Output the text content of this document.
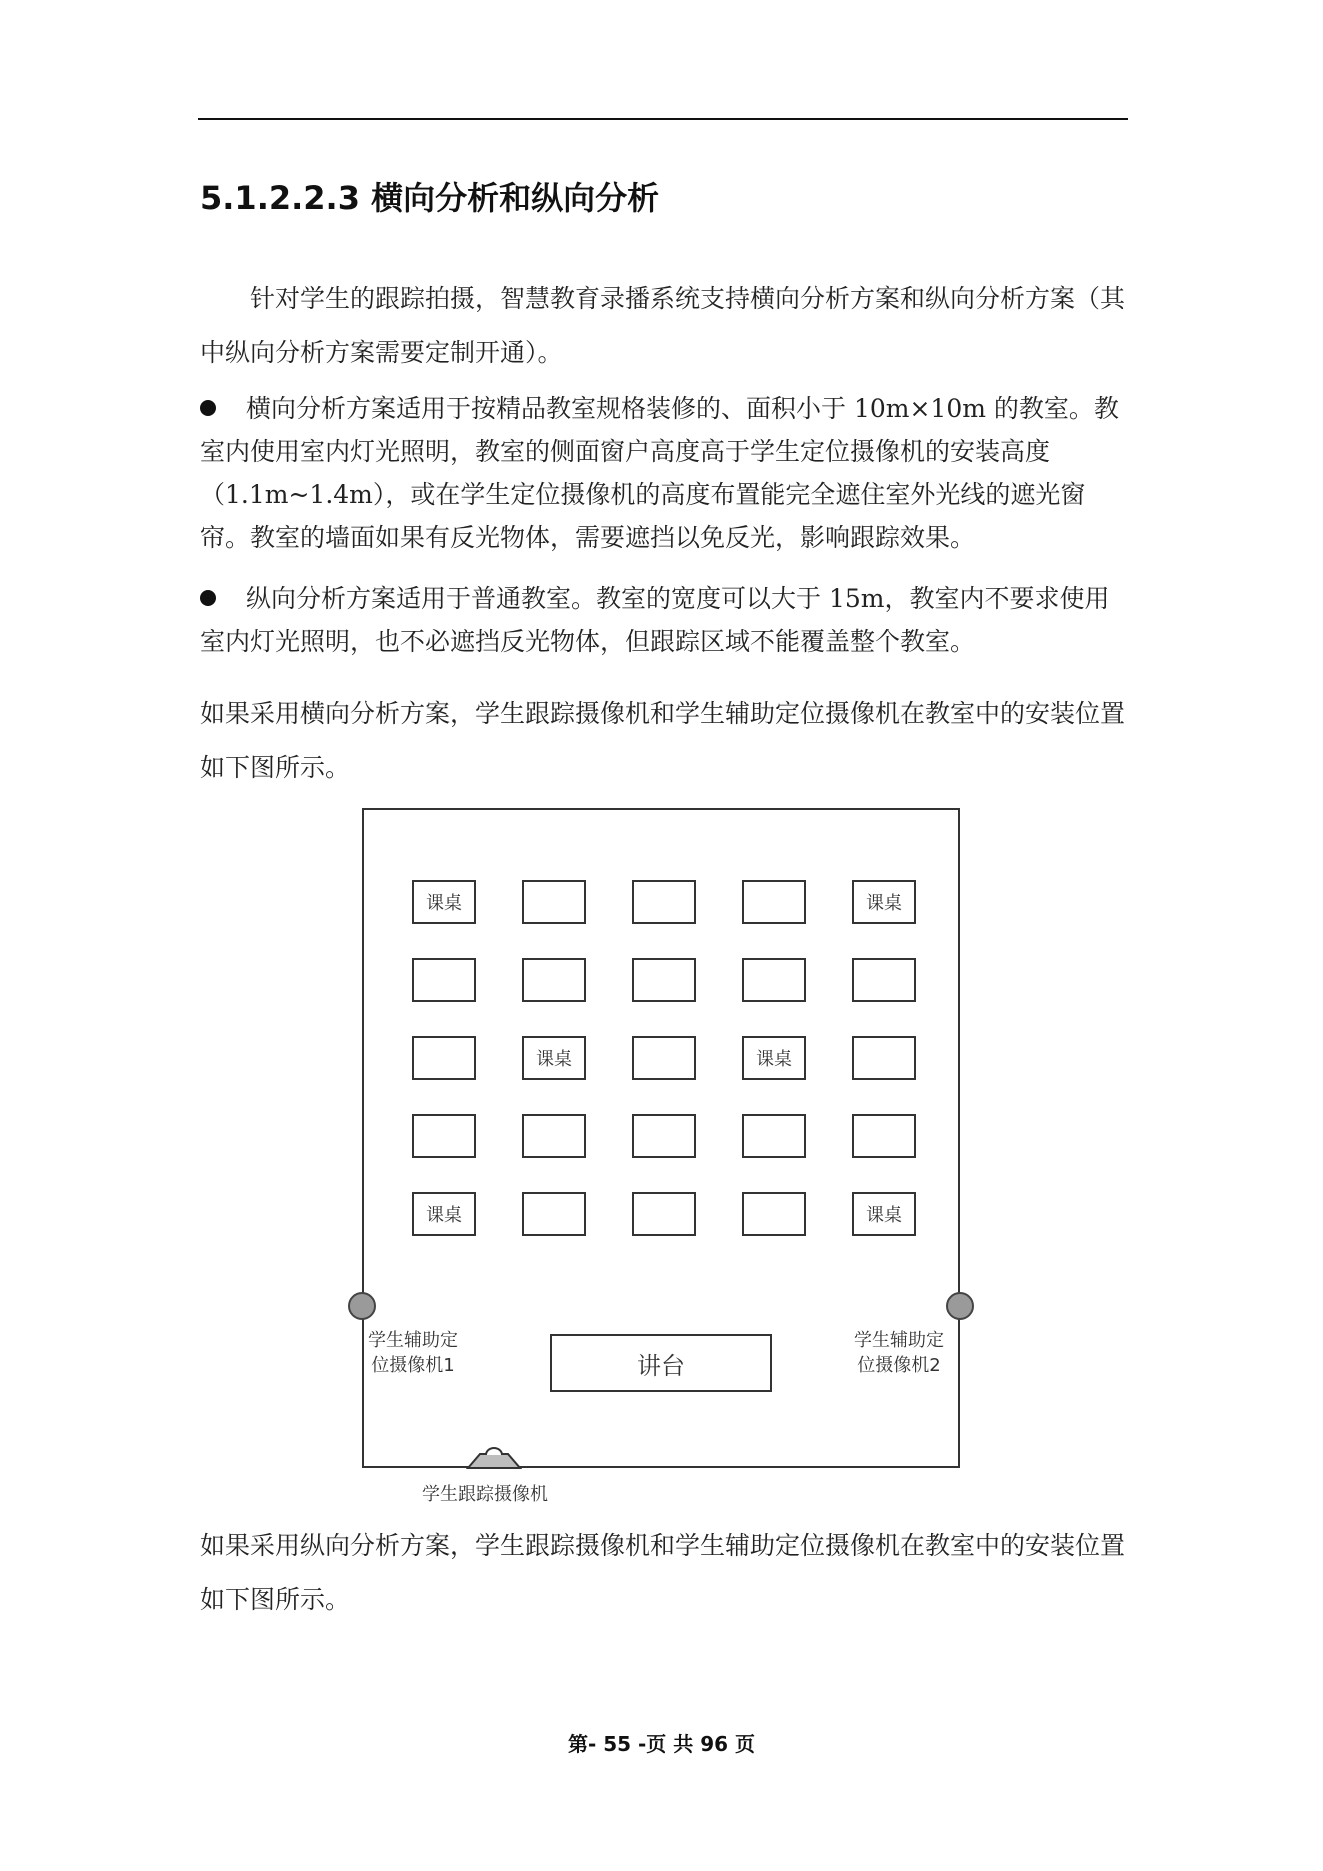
5.1.2.2.3 横向分析和纵向分析
针对学生的跟踪拍摄，智慧教育录播系统支持横向分析方案和纵向分析方案（其中纵向分析方案需要定制开通）。
横向分析方案适用于按精品教室规格装修的、面积小于 10m×10m 的教室。教室内使用室内灯光照明，教室的侧面窗户高度高于学生定位摄像机的安装高度（1.1m~1.4m），或在学生定位摄像机的高度布置能完全遮住室外光线的遮光窗帘。教室的墙面如果有反光物体，需要遮挡以免反光，影响跟踪效果。
纵向分析方案适用于普通教室。教室的宽度可以大于 15m，教室内不要求使用室内灯光照明，也不必遮挡反光物体，但跟踪区域不能覆盖整个教室。
如果采用横向分析方案，学生跟踪摄像机和学生辅助定位摄像机在教室中的安装位置如下图所示。
课桌	课桌
课桌	课桌
课桌	课桌
学生辅助定
位摄像机1
学生辅助定
位摄像机2
讲台
学生跟踪摄像机
如果采用纵向分析方案，学生跟踪摄像机和学生辅助定位摄像机在教室中的安装位置如下图所示。
第- 55 -页 共 96 页
